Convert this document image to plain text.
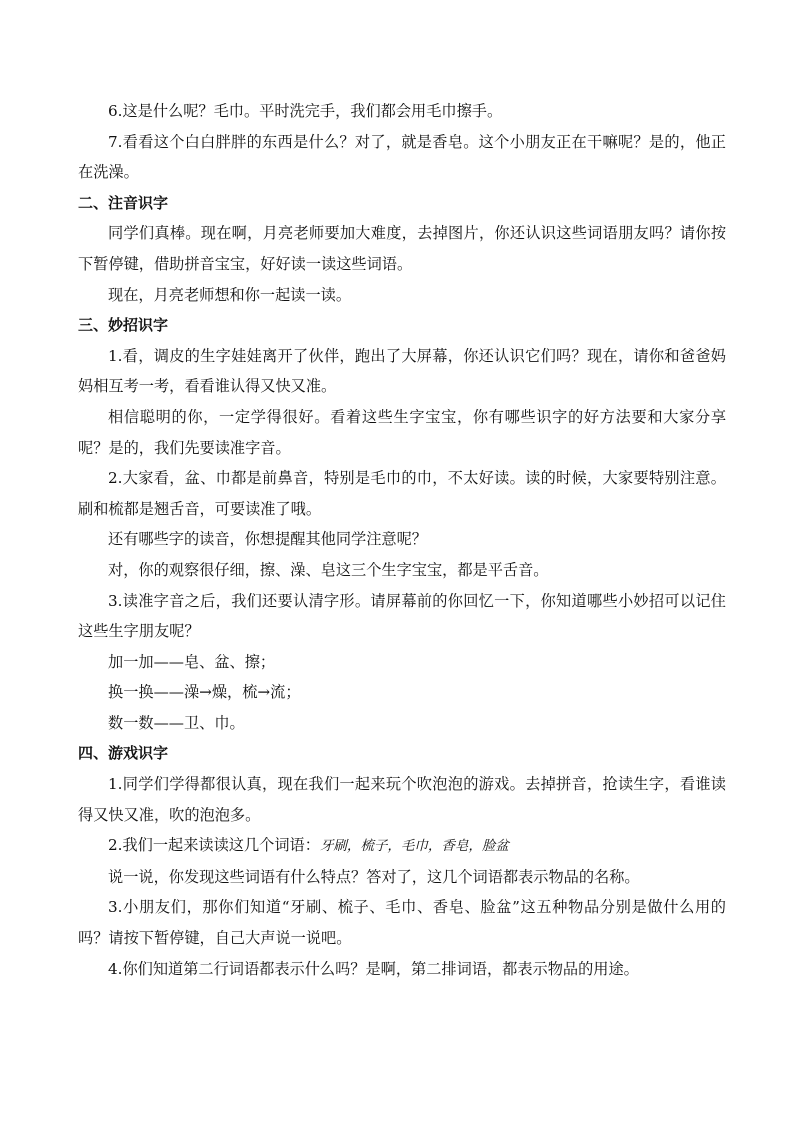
6.这是什么呢？毛巾。平时洗完手，我们都会用毛巾擦手。

7.看看这个白白胖胖的东西是什么？对了，就是香皂。这个小朋友正在干嘛呢？是的，他正在洗澡。

二、注音识字

同学们真棒。现在啊，月亮老师要加大难度，去掉图片，你还认识这些词语朋友吗？请你按下暂停键，借助拼音宝宝，好好读一读这些词语。

现在，月亮老师想和你一起读一读。

三、妙招识字

1.看，调皮的生字娃娃离开了伙伴，跑出了大屏幕，你还认识它们吗？现在，请你和爸爸妈妈相互考一考，看看谁认得又快又准。

相信聪明的你，一定学得很好。看着这些生字宝宝，你有哪些识字的好方法要和大家分享呢？是的，我们先要读准字音。

2.大家看，盆、巾都是前鼻音，特别是毛巾的巾，不太好读。读的时候，大家要特别注意。刷和梳都是翘舌音，可要读准了哦。

还有哪些字的读音，你想提醒其他同学注意呢？

对，你的观察很仔细，擦、澡、皂这三个生字宝宝，都是平舌音。

3.读准字音之后，我们还要认清字形。请屏幕前的你回忆一下，你知道哪些小妙招可以记住这些生字朋友呢？

加一加——皂、盆、擦；

换一换——澡→燥，梳→流；

数一数——卫、巾。

四、游戏识字

1.同学们学得都很认真，现在我们一起来玩个吹泡泡的游戏。去掉拼音，抢读生字，看谁读得又快又准，吹的泡泡多。

2.我们一起来读读这几个词语：牙刷，梳子，毛巾，香皂，脸盆

说一说，你发现这些词语有什么特点？答对了，这几个词语都表示物品的名称。

3.小朋友们，那你们知道“牙刷、梳子、毛巾、香皂、脸盆”这五种物品分别是做什么用的吗？请按下暂停键，自己大声说一说吧。

4.你们知道第二行词语都表示什么吗？是啊，第二排词语，都表示物品的用途。
